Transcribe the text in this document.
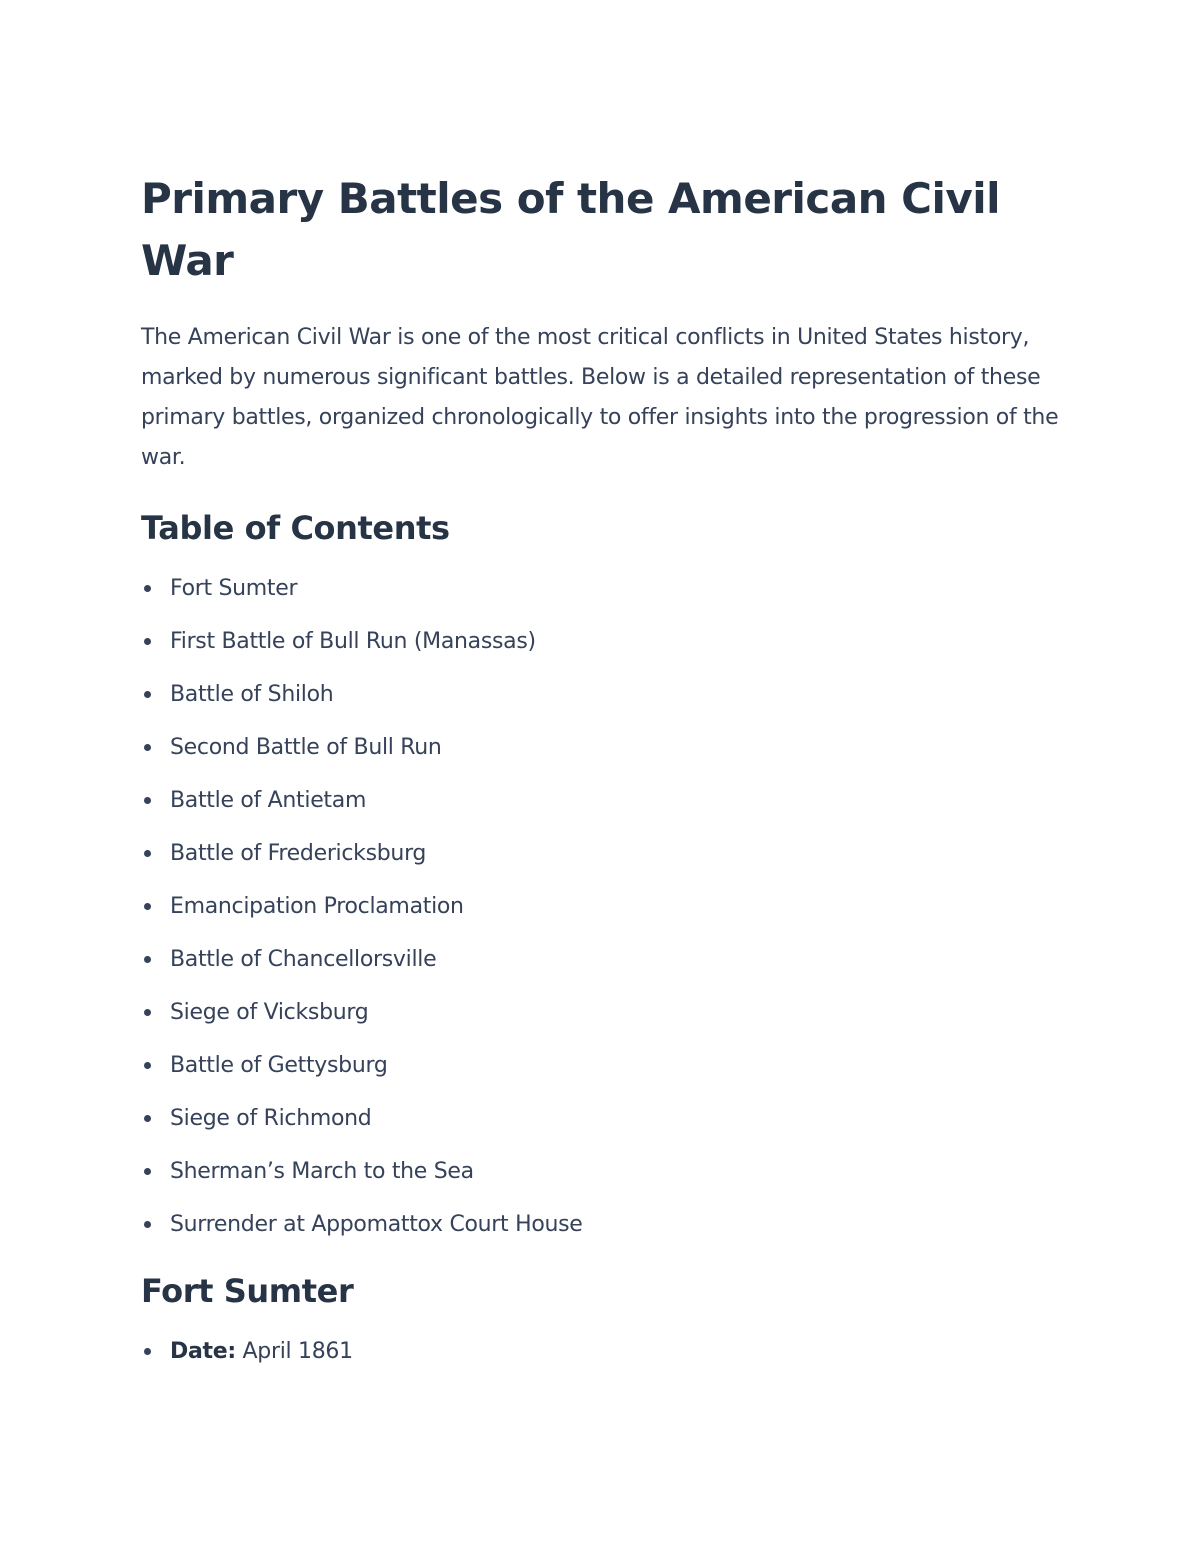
Primary Battles of the American Civil War

The American Civil War is one of the most critical conflicts in United States history, marked by numerous significant battles. Below is a detailed representation of these primary battles, organized chronologically to offer insights into the progression of the war.

Table of Contents
Fort Sumter
First Battle of Bull Run (Manassas)
Battle of Shiloh
Second Battle of Bull Run
Battle of Antietam
Battle of Fredericksburg
Emancipation Proclamation
Battle of Chancellorsville
Siege of Vicksburg
Battle of Gettysburg
Siege of Richmond
Sherman’s March to the Sea
Surrender at Appomattox Court House
Fort Sumter
Date: April 1861
